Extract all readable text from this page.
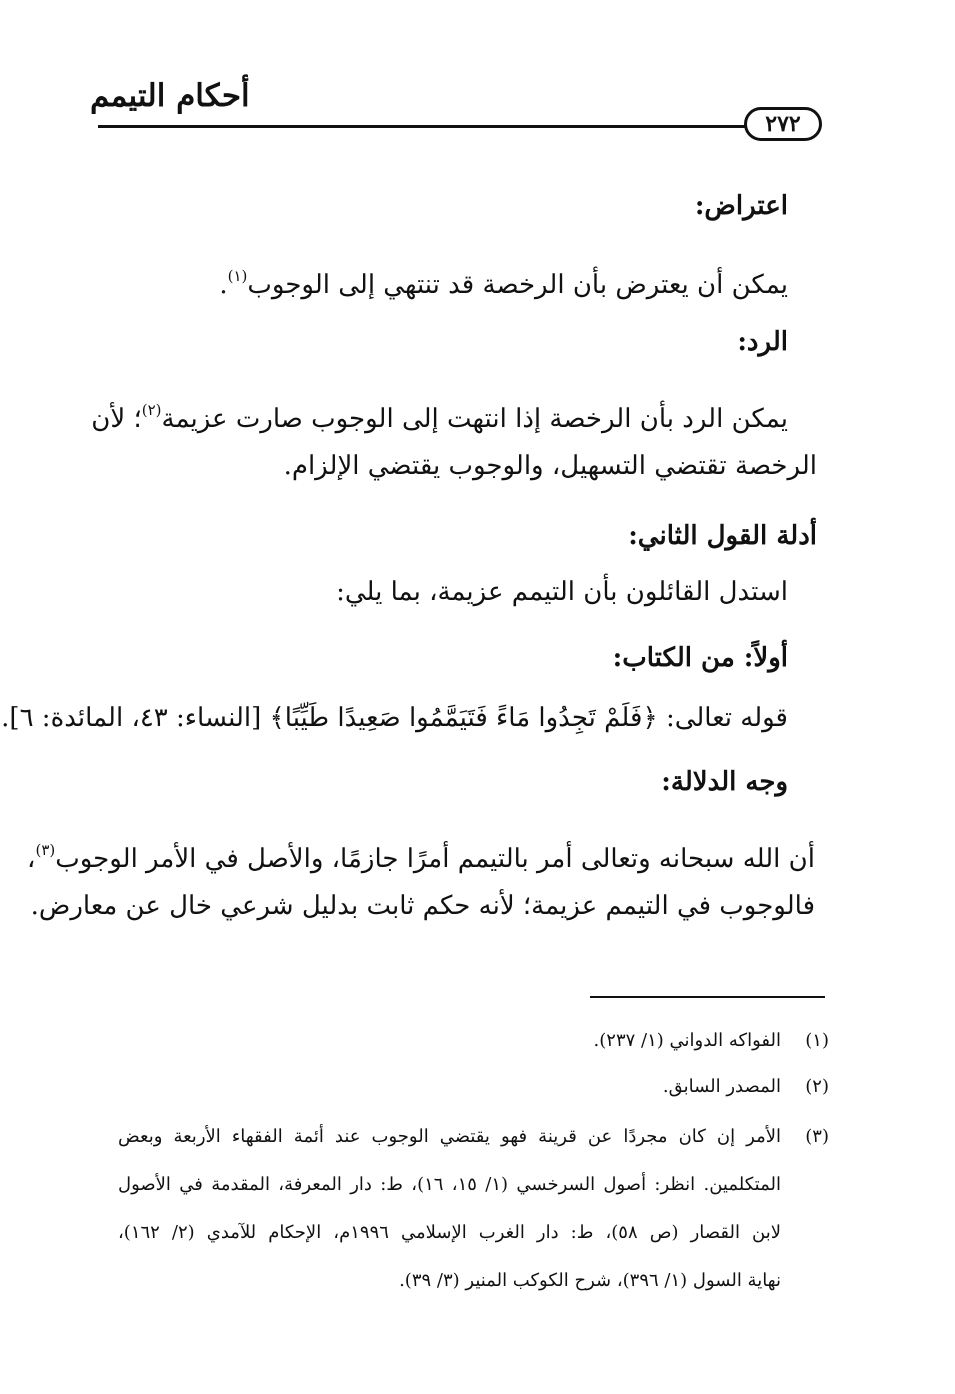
أحكام التيمم
٢٧٢
اعتراض:
يمكن أن يعترض بأن الرخصة قد تنتهي إلى الوجوب$^{(١)}$.
الرد:
يمكن الرد بأن الرخصة إذا انتهت إلى الوجوب صارت عزيمة$^{(٢)}$؛ لأن
الرخصة تقتضي التسهيل، والوجوب يقتضي الإلزام.
أدلة القول الثاني:
استدل القائلون بأن التيمم عزيمة، بما يلي:
أولاً: من الكتاب:
قوله تعالى: ﴿فَلَمْ تَجِدُوا مَاءً فَتَيَمَّمُوا صَعِيدًا طَيِّبًا﴾ [النساء: ٤٣، المائدة: ٦].
وجه الدلالة:
أن الله سبحانه وتعالى أمر بالتيمم أمرًا جازمًا، والأصل في الأمر الوجوب$^{(٣)}$،
فالوجوب في التيمم عزيمة؛ لأنه حكم ثابت بدليل شرعي خال عن معارض.
(١)الفواكه الدواني (١/ ٢٣٧).
(٢)المصدر السابق.
(٣)الأمر إن كان مجردًا عن قرينة فهو يقتضي الوجوب عند أئمة الفقهاء الأربعة وبعض
المتكلمين. انظر: أصول السرخسي (١/ ١٥، ١٦)، ط: دار المعرفة، المقدمة في الأصول
لابن القصار (ص ٥٨)، ط: دار الغرب الإسلامي ١٩٩٦م، الإحكام للآمدي (٢/ ١٦٢)،
نهاية السول (١/ ٣٩٦)، شرح الكوكب المنير (٣/ ٣٩).
